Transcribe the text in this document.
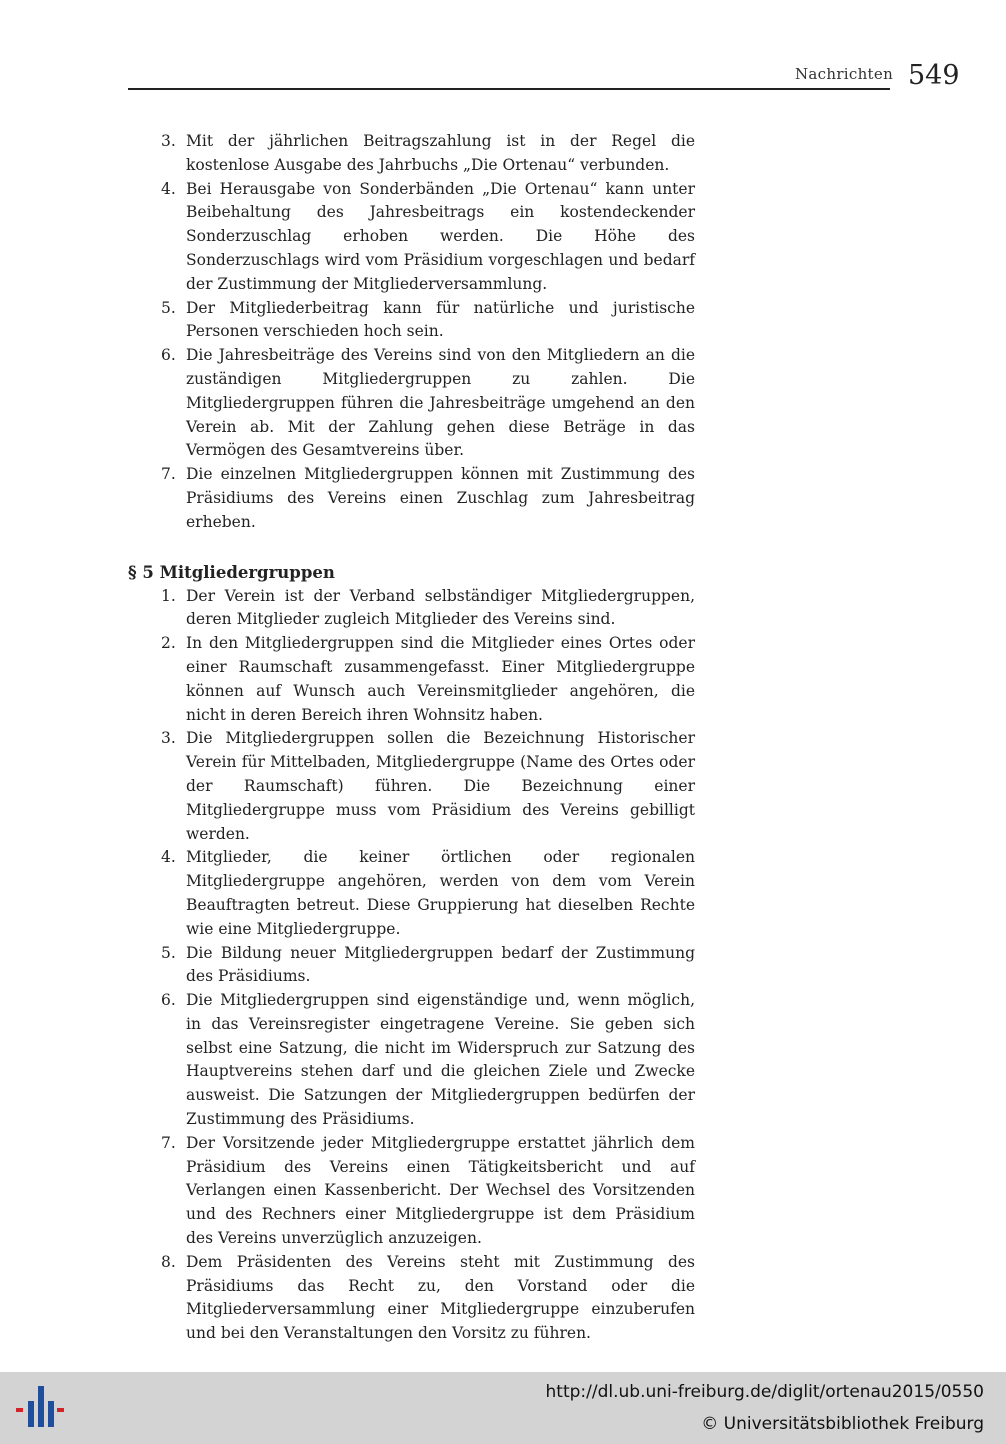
Nachrichten 549
3. Mit der jährlichen Beitragszahlung ist in der Regel die kostenlose Ausgabe des Jahrbuchs „Die Ortenau“ verbunden.
4. Bei Herausgabe von Sonderbänden „Die Ortenau“ kann unter Beibehaltung des Jahresbeitrags ein kostendeckender Sonderzuschlag erhoben werden. Die Höhe des Sonderzuschlags wird vom Präsidium vorgeschlagen und bedarf der Zustimmung der Mitgliederversammlung.
5. Der Mitgliederbeitrag kann für natürliche und juristische Personen verschieden hoch sein.
6. Die Jahresbeiträge des Vereins sind von den Mitgliedern an die zuständigen Mitgliedergruppen zu zahlen. Die Mitgliedergruppen führen die Jahresbeiträge umgehend an den Verein ab. Mit der Zahlung gehen diese Beträge in das Vermögen des Gesamtvereins über.
7. Die einzelnen Mitgliedergruppen können mit Zustimmung des Präsidiums des Vereins einen Zuschlag zum Jahresbeitrag erheben.
§ 5 Mitgliedergruppen
1. Der Verein ist der Verband selbständiger Mitgliedergruppen, deren Mitglieder zugleich Mitglieder des Vereins sind.
2. In den Mitgliedergruppen sind die Mitglieder eines Ortes oder einer Raumschaft zusammengefasst. Einer Mitgliedergruppe können auf Wunsch auch Vereinsmitglieder angehören, die nicht in deren Bereich ihren Wohnsitz haben.
3. Die Mitgliedergruppen sollen die Bezeichnung Historischer Verein für Mittelbaden, Mitgliedergruppe (Name des Ortes oder der Raumschaft) führen. Die Bezeichnung einer Mitgliedergruppe muss vom Präsidium des Vereins gebilligt werden.
4. Mitglieder, die keiner örtlichen oder regionalen Mitgliedergruppe angehören, werden von dem vom Verein Beauftragten betreut. Diese Gruppierung hat dieselben Rechte wie eine Mitgliedergruppe.
5. Die Bildung neuer Mitgliedergruppen bedarf der Zustimmung des Präsidiums.
6. Die Mitgliedergruppen sind eigenständige und, wenn möglich, in das Vereinsregister eingetragene Vereine. Sie geben sich selbst eine Satzung, die nicht im Widerspruch zur Satzung des Hauptvereins stehen darf und die gleichen Ziele und Zwecke ausweist. Die Satzungen der Mitgliedergruppen bedürfen der Zustimmung des Präsidiums.
7. Der Vorsitzende jeder Mitgliedergruppe erstattet jährlich dem Präsidium des Vereins einen Tätigkeitsbericht und auf Verlangen einen Kassenbericht. Der Wechsel des Vorsitzenden und des Rechners einer Mitgliedergruppe ist dem Präsidium des Vereins unverzüglich anzuzeigen.
8. Dem Präsidenten des Vereins steht mit Zustimmung des Präsidiums das Recht zu, den Vorstand oder die Mitgliederversammlung einer Mitgliedergruppe einzuberufen und bei den Veranstaltungen den Vorsitz zu führen.
http://dl.ub.uni-freiburg.de/diglit/ortenau2015/0550
© Universitätsbibliothek Freiburg
